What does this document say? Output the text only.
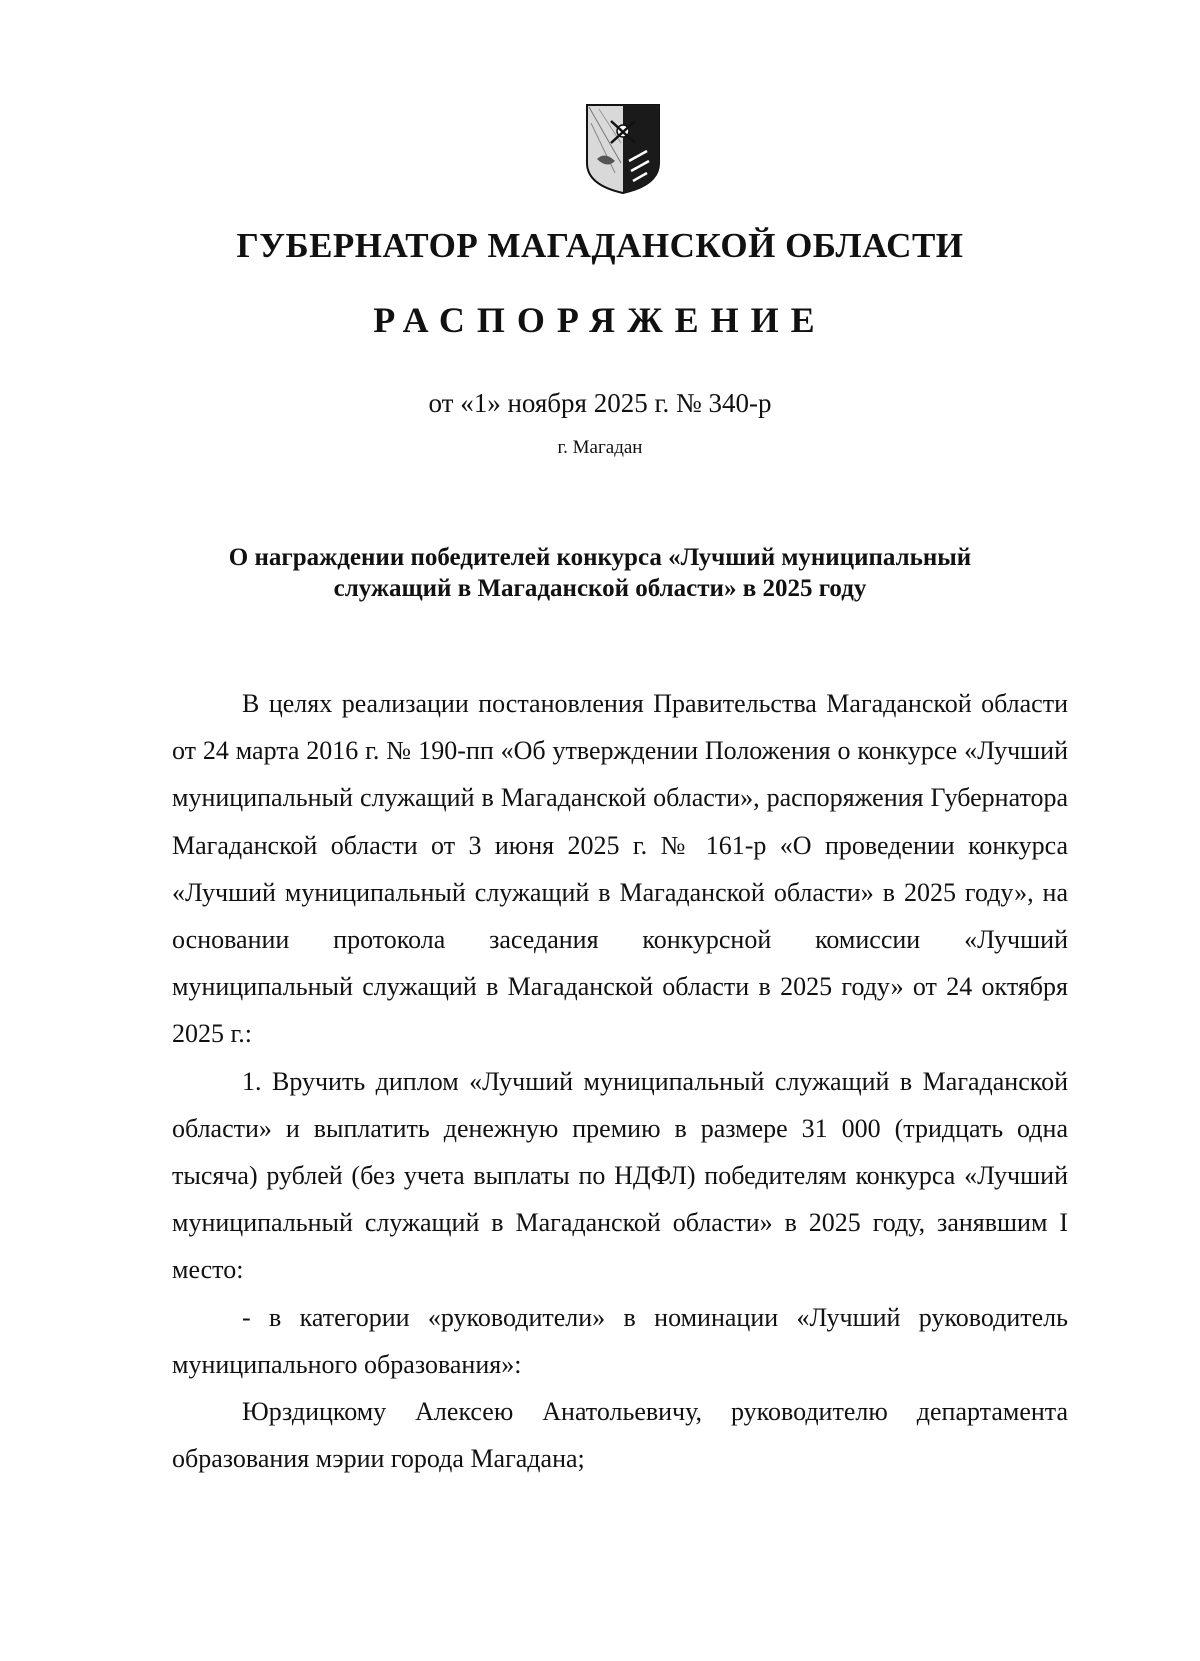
ГУБЕРНАТОР МАГАДАНСКОЙ ОБЛАСТИ
РАСПОРЯЖЕНИЕ
от «1» ноября 2025 г. № 340-р
г. Магадан
О награждении победителей конкурса «Лучший муниципальный
служащий в Магаданской области» в 2025 году

В целях реализации постановления Правительства Магаданской области от 24 марта 2016 г. № 190-пп «Об утверждении Положения о конкурсе «Лучший муниципальный служащий в Магаданской области», распоряжения Губернатора Магаданской области от 3 июня 2025 г. № 161-р «О проведении конкурса «Лучший муниципальный служащий в Магаданской области» в 2025 году», на основании протокола заседания конкурсной комиссии «Лучший муниципальный служащий в Магаданской области в 2025 году» от 24 октября 2025 г.:

1. Вручить диплом «Лучший муниципальный служащий в Магаданской области» и выплатить денежную премию в размере 31 000 (тридцать одна тысяча) рублей (без учета выплаты по НДФЛ) победителям конкурса «Лучший муниципальный служащий в Магаданской области» в 2025 году, занявшим I место:

- в категории «руководители» в номинации «Лучший руководитель муниципального образования»:

Юрздицкому Алексею Анатольевичу, руководителю департамента образования мэрии города Магадана;
